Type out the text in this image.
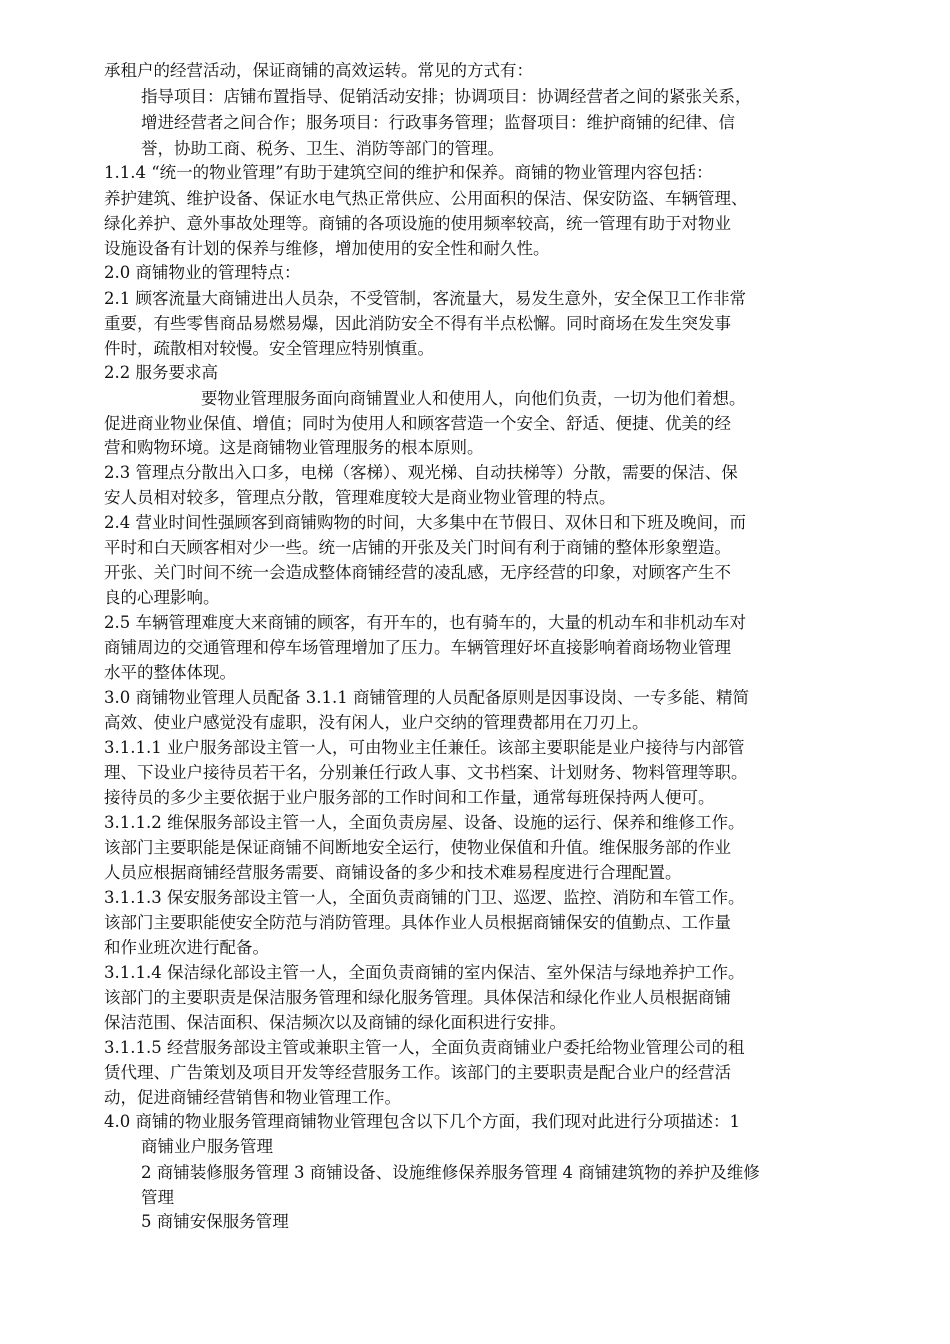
承租户的经营活动，保证商铺的高效运转。常见的方式有：
指导项目：店铺布置指导、促销活动安排；协调项目：协调经营者之间的紧张关系，
增进经营者之间合作；服务项目：行政事务管理；监督项目：维护商铺的纪律、信
誉，协助工商、税务、卫生、消防等部门的管理。
1.1.4 “统一的物业管理”有助于建筑空间的维护和保养。商铺的物业管理内容包括：
养护建筑、维护设备、保证水电气热正常供应、公用面积的保洁、保安防盗、车辆管理、
绿化养护、意外事故处理等。商铺的各项设施的使用频率较高，统一管理有助于对物业
设施设备有计划的保养与维修，增加使用的安全性和耐久性。
2.0 商铺物业的管理特点：
2.1 顾客流量大商铺进出人员杂，不受管制，客流量大，易发生意外，安全保卫工作非常
重要，有些零售商品易燃易爆，因此消防安全不得有半点松懈。同时商场在发生突发事
件时，疏散相对较慢。安全管理应特别慎重。
2.2 服务要求高
要物业管理服务面向商铺置业人和使用人，向他们负责，一切为他们着想。
促进商业物业保值、增值；同时为使用人和顾客营造一个安全、舒适、便捷、优美的经
营和购物环境。这是商铺物业管理服务的根本原则。
2.3 管理点分散出入口多，电梯（客梯）、观光梯、自动扶梯等）分散，需要的保洁、保
安人员相对较多，管理点分散，管理难度较大是商业物业管理的特点。
2.4 营业时间性强顾客到商铺购物的时间，大多集中在节假日、双休日和下班及晚间，而
平时和白天顾客相对少一些。统一店铺的开张及关门时间有利于商铺的整体形象塑造。
开张、关门时间不统一会造成整体商铺经营的凌乱感，无序经营的印象，对顾客产生不
良的心理影响。
2.5 车辆管理难度大来商铺的顾客，有开车的，也有骑车的，大量的机动车和非机动车对
商铺周边的交通管理和停车场管理增加了压力。车辆管理好坏直接影响着商场物业管理
水平的整体体现。
3.0 商铺物业管理人员配备 3.1.1 商铺管理的人员配备原则是因事设岗、一专多能、精简
高效、使业户感觉没有虚职，没有闲人，业户交纳的管理费都用在刀刃上。
3.1.1.1 业户服务部设主管一人，可由物业主任兼任。该部主要职能是业户接待与内部管
理、下设业户接待员若干名，分别兼任行政人事、文书档案、计划财务、物料管理等职。
接待员的多少主要依据于业户服务部的工作时间和工作量，通常每班保持两人便可。
3.1.1.2 维保服务部设主管一人，全面负责房屋、设备、设施的运行、保养和维修工作。
该部门主要职能是保证商铺不间断地安全运行，使物业保值和升值。维保服务部的作业
人员应根据商铺经营服务需要、商铺设备的多少和技术难易程度进行合理配置。
3.1.1.3 保安服务部设主管一人，全面负责商铺的门卫、巡逻、监控、消防和车管工作。
该部门主要职能使安全防范与消防管理。具体作业人员根据商铺保安的值勤点、工作量
和作业班次进行配备。
3.1.1.4 保洁绿化部设主管一人，全面负责商铺的室内保洁、室外保洁与绿地养护工作。
该部门的主要职责是保洁服务管理和绿化服务管理。具体保洁和绿化作业人员根据商铺
保洁范围、保洁面积、保洁频次以及商铺的绿化面积进行安排。
3.1.1.5 经营服务部设主管或兼职主管一人，全面负责商铺业户委托给物业管理公司的租
赁代理、广告策划及项目开发等经营服务工作。该部门的主要职责是配合业户的经营活
动，促进商铺经营销售和物业管理工作。
4.0 商铺的物业服务管理商铺物业管理包含以下几个方面，我们现对此进行分项描述：1
商铺业户服务管理
2 商铺装修服务管理 3 商铺设备、设施维修保养服务管理 4 商铺建筑物的养护及维修
管理
5 商铺安保服务管理
